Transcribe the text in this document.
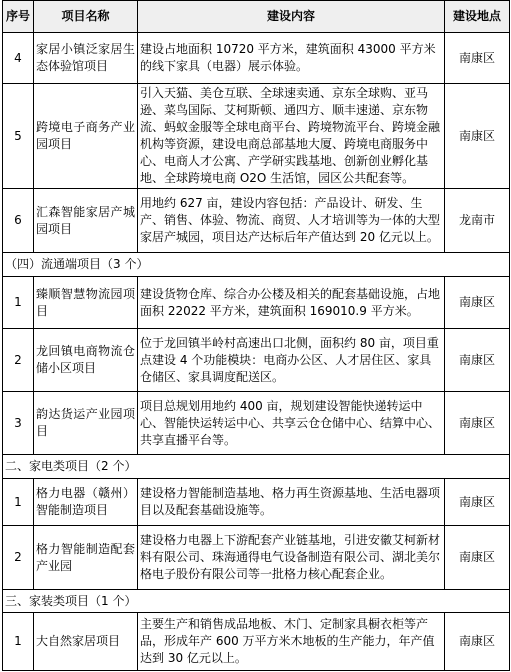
序号	项目名称	建设内容	建设地点
4	家居小镇泛家居生态体验馆项目	建设占地面积 10720 平方米，建筑面积 43000 平方米的线下家具（电器）展示体验。	南康区
5	跨境电子商务产业园项目	引入天猫、美仓互联、全球速卖通、京东全球购、亚马逊、菜鸟国际、艾柯斯顿、通四方、顺丰速递、京东物流、蚂蚁金服等全球电商平台、跨境物流平台、跨境金融机构等资源，建设电商总部基地大厦、跨境电商服务中心、电商人才公寓、产学研实践基地、创新创业孵化基地、全球跨境电商 O2O 生活馆，园区公共配套等。	南康区
6	汇森智能家居产城园项目	用地约 627 亩，建设内容包括：产品设计、研发、生产、销售、体验、物流、商贸、人才培训等为一体的大型家居产城园，项目达产达标后年产值达到 20 亿元以上。	龙南市
（四）流通端项目（3 个）			
1	臻顺智慧物流园项目	建设货物仓库、综合办公楼及相关的配套基础设施，占地面积 22022 平方米，建筑面积 169010.9 平方米。	南康区
2	龙回镇电商物流仓储小区项目	位于龙回镇半岭村高速出口北侧，面积约 80 亩，项目重点建设 4 个功能模块：电商办公区、人才居住区、家具仓储区、家具调度配送区。	南康区
3	韵达货运产业园项目	项目总规划用地约 400 亩，规划建设智能快递转运中心、智能快运转运中心、共享云仓仓储中心、结算中心、共享直播平台等。	南康区
二、家电类项目（2 个）			
1	格力电器（赣州）智能制造项目	建设格力智能制造基地、格力再生资源基地、生活电器项目以及配套基础设施等。	南康区
2	格力智能制造配套产业园	建设格力电器上下游配套产业链基地，引进安徽艾柯新材料有限公司、珠海通得电气设备制造有限公司、湖北美尔格电子股份有限公司等一批格力核心配套企业。	南康区
三、家装类项目（1 个）			
1	大自然家居项目	主要生产和销售成品地板、木门、定制家具橱衣柜等产品，形成年产 600 万平方米木地板的生产能力，年产值达到 30 亿元以上。	南康区
